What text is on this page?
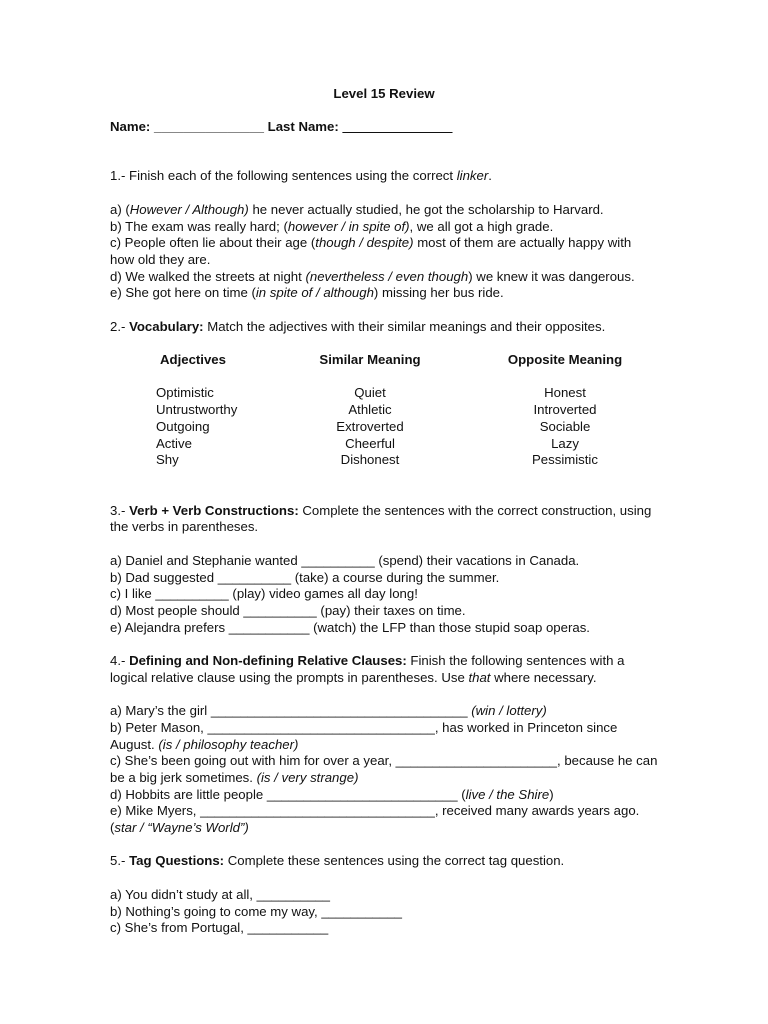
Level 15 Review
Name: _______________ Last Name: _______________

1.- Finish each of the following sentences using the correct linker.

a) (However / Although) he never actually studied, he got the scholarship to Harvard.

b) The exam was really hard; (however / in spite of), we all got a high grade.

c) People often lie about their age (though / despite) most of them are actually happy with how old they are.

d) We walked the streets at night (nevertheless / even though) we knew it was dangerous.

e) She got here on time (in spite of / although) missing her bus ride.

2.- Vocabulary: Match the adjectives with their similar meanings and their opposites.

Adjectives
Optimistic
Untrustworthy
Outgoing
Active
Shy
Similar Meaning
Quiet
Athletic
Extroverted
Cheerful
Dishonest
Opposite Meaning
Honest
Introverted
Sociable
Lazy
Pessimistic

3.- Verb + Verb Constructions: Complete the sentences with the correct construction, using the verbs in parentheses.

a) Daniel and Stephanie wanted __________ (spend) their vacations in Canada.

b) Dad suggested __________ (take) a course during the summer.

c) I like __________ (play) video games all day long!

d) Most people should __________ (pay) their taxes on time.

e) Alejandra prefers ___________ (watch) the LFP than those stupid soap operas.

4.- Defining and Non-defining Relative Clauses: Finish the following sentences with a logical relative clause using the prompts in parentheses. Use that where necessary.

a) Mary’s the girl ___________________________________ (win / lottery)

b) Peter Mason, _______________________________, has worked in Princeton since August. (is / philosophy teacher)

c) She’s been going out with him for over a year, ______________________, because he can be a big jerk sometimes. (is / very strange)

d) Hobbits are little people __________________________ (live / the Shire)

e) Mike Myers, ________________________________, received many awards years ago. (star / “Wayne’s World”)

5.- Tag Questions: Complete these sentences using the correct tag question.

a) You didn’t study at all, __________

b) Nothing’s going to come my way, ___________

c) She’s from Portugal, ___________
